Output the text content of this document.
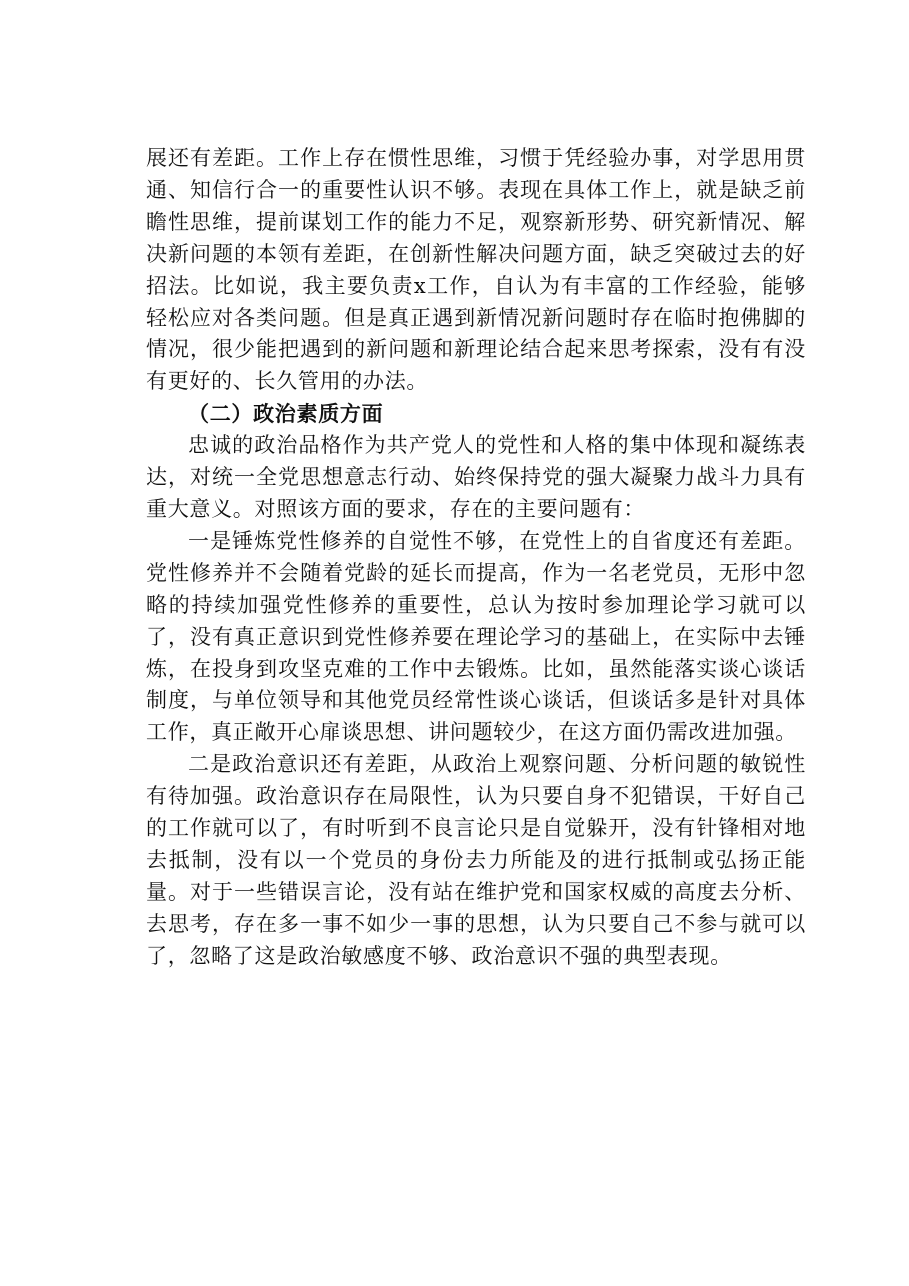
展还有差距。工作上存在惯性思维，习惯于凭经验办事，对学思用贯通、知信行合一的重要性认识不够。表现在具体工作上，就是缺乏前瞻性思维，提前谋划工作的能力不足，观察新形势、研究新情况、解决新问题的本领有差距，在创新性解决问题方面，缺乏突破过去的好招法。比如说，我主要负责x工作，自认为有丰富的工作经验，能够轻松应对各类问题。但是真正遇到新情况新问题时存在临时抱佛脚的情况，很少能把遇到的新问题和新理论结合起来思考探索，没有有没有更好的、长久管用的办法。

（二）政治素质方面

忠诚的政治品格作为共产党人的党性和人格的集中体现和凝练表达，对统一全党思想意志行动、始终保持党的强大凝聚力战斗力具有重大意义。对照该方面的要求，存在的主要问题有：

一是锤炼党性修养的自觉性不够，在党性上的自省度还有差距。党性修养并不会随着党龄的延长而提高，作为一名老党员，无形中忽略的持续加强党性修养的重要性，总认为按时参加理论学习就可以了，没有真正意识到党性修养要在理论学习的基础上，在实际中去锤炼，在投身到攻坚克难的工作中去锻炼。比如，虽然能落实谈心谈话制度，与单位领导和其他党员经常性谈心谈话，但谈话多是针对具体工作，真正敞开心扉谈思想、讲问题较少，在这方面仍需改进加强。

二是政治意识还有差距，从政治上观察问题、分析问题的敏锐性有待加强。政治意识存在局限性，认为只要自身不犯错误，干好自己的工作就可以了，有时听到不良言论只是自觉躲开，没有针锋相对地去抵制，没有以一个党员的身份去力所能及的进行抵制或弘扬正能量。对于一些错误言论，没有站在维护党和国家权威的高度去分析、去思考，存在多一事不如少一事的思想，认为只要自己不参与就可以了，忽略了这是政治敏感度不够、政治意识不强的典型表现。
